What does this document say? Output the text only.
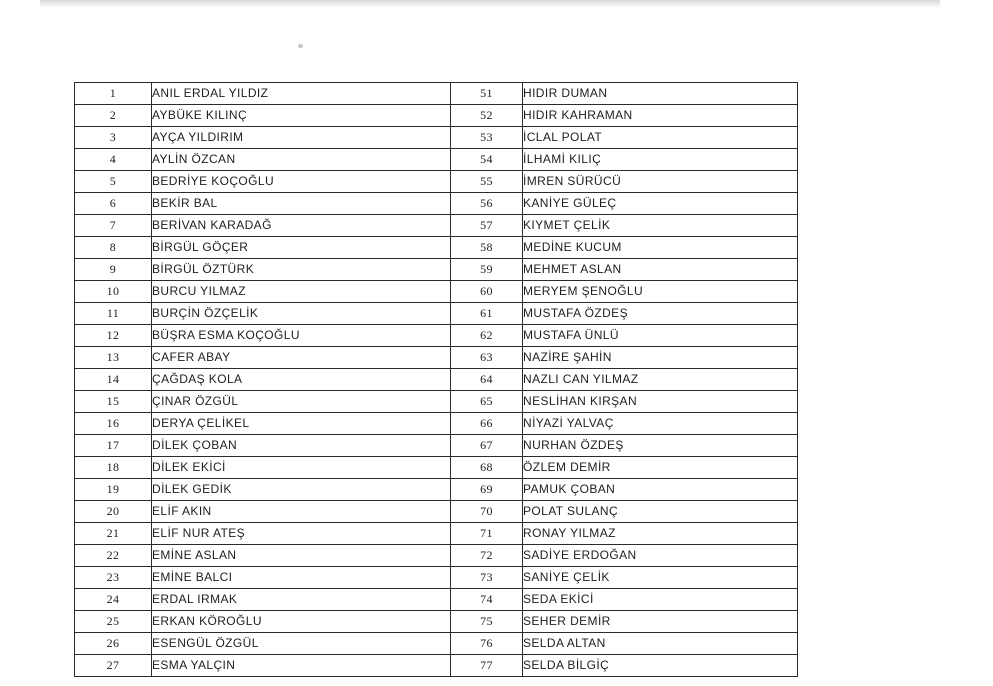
1	ANIL ERDAL YILDIZ	51	HIDIR DUMAN
2	AYBÜKE KILINÇ	52	HIDIR KAHRAMAN
3	AYÇA YILDIRIM	53	İCLAL POLAT
4	AYLİN ÖZCAN	54	İLHAMİ KILIÇ
5	BEDRİYE KOÇOĞLU	55	İMREN SÜRÜCÜ
6	BEKİR BAL	56	KANİYE GÜLEÇ
7	BERİVAN KARADAĞ	57	KIYMET ÇELİK
8	BİRGÜL GÖÇER	58	MEDİNE KUCUM
9	BİRGÜL ÖZTÜRK	59	MEHMET ASLAN
10	BURCU YILMAZ	60	MERYEM ŞENOĞLU
11	BURÇİN ÖZÇELİK	61	MUSTAFA ÖZDEŞ
12	BÜŞRA ESMA KOÇOĞLU	62	MUSTAFA ÜNLÜ
13	CAFER ABAY	63	NAZİRE ŞAHİN
14	ÇAĞDAŞ KOLA	64	NAZLI CAN YILMAZ
15	ÇINAR ÖZGÜL	65	NESLİHAN KIRŞAN
16	DERYA ÇELİKEL	66	NİYAZİ YALVAÇ
17	DİLEK ÇOBAN	67	NURHAN ÖZDEŞ
18	DİLEK EKİCİ	68	ÖZLEM DEMİR
19	DİLEK GEDİK	69	PAMUK ÇOBAN
20	ELİF AKIN	70	POLAT SULANÇ
21	ELİF NUR ATEŞ	71	RONAY YILMAZ
22	EMİNE ASLAN	72	SADİYE ERDOĞAN
23	EMİNE BALCI	73	SANİYE ÇELİK
24	ERDAL IRMAK	74	SEDA EKİCİ
25	ERKAN KÖROĞLU	75	SEHER DEMİR
26	ESENGÜL ÖZGÜL	76	SELDA ALTAN
27	ESMA YALÇIN	77	SELDA BİLGİÇ
